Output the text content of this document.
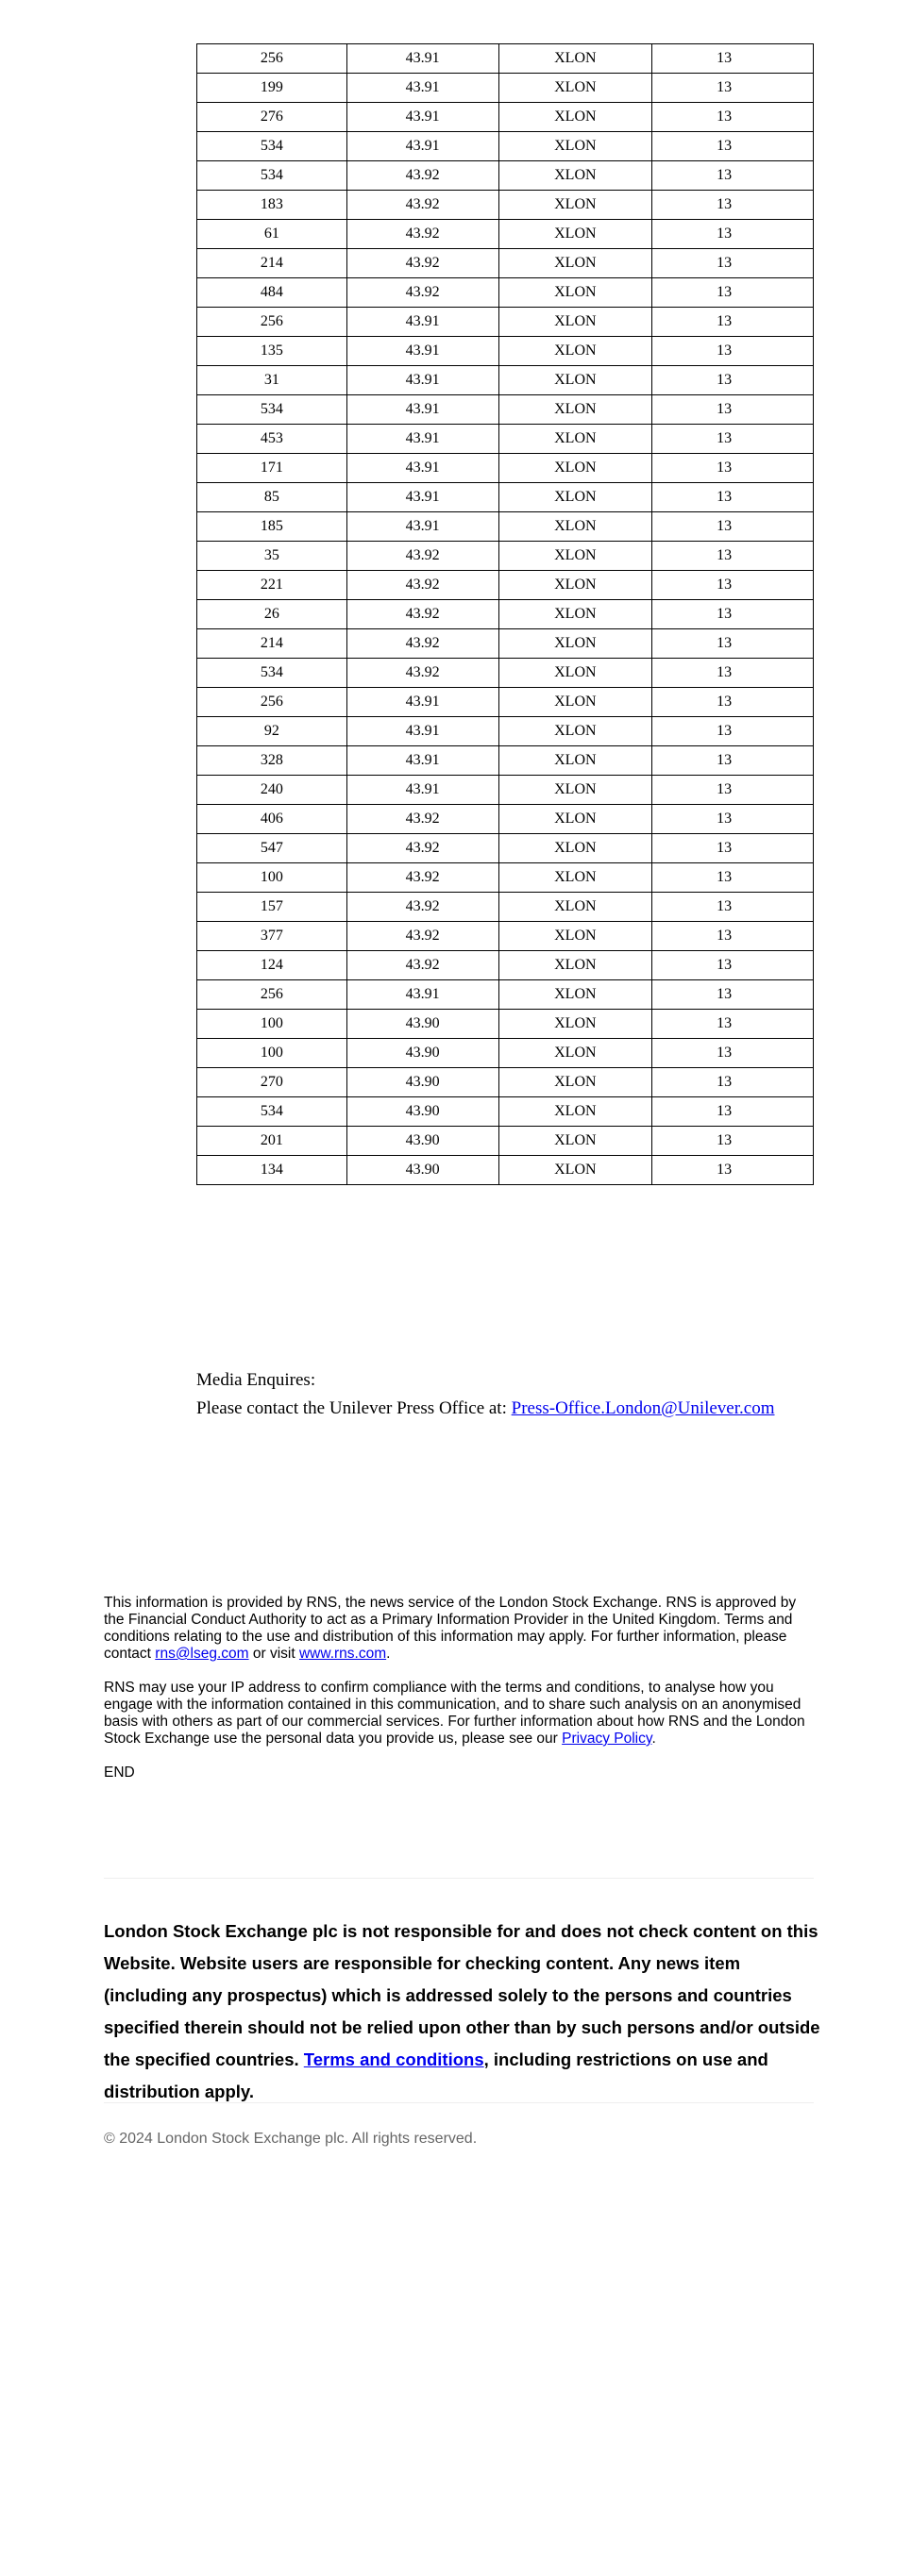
256	43.91	XLON	13
199	43.91	XLON	13
276	43.91	XLON	13
534	43.91	XLON	13
534	43.92	XLON	13
183	43.92	XLON	13
61	43.92	XLON	13
214	43.92	XLON	13
484	43.92	XLON	13
256	43.91	XLON	13
135	43.91	XLON	13
31	43.91	XLON	13
534	43.91	XLON	13
453	43.91	XLON	13
171	43.91	XLON	13
85	43.91	XLON	13
185	43.91	XLON	13
35	43.92	XLON	13
221	43.92	XLON	13
26	43.92	XLON	13
214	43.92	XLON	13
534	43.92	XLON	13
256	43.91	XLON	13
92	43.91	XLON	13
328	43.91	XLON	13
240	43.91	XLON	13
406	43.92	XLON	13
547	43.92	XLON	13
100	43.92	XLON	13
157	43.92	XLON	13
377	43.92	XLON	13
124	43.92	XLON	13
256	43.91	XLON	13
100	43.90	XLON	13
100	43.90	XLON	13
270	43.90	XLON	13
534	43.90	XLON	13
201	43.90	XLON	13
134	43.90	XLON	13
Media Enquires:
Please contact the Unilever Press Office at: Press-Office.London@Unilever.com

This information is provided by RNS, the news service of the London Stock Exchange. RNS is approved by the Financial Conduct Authority to act as a Primary Information Provider in the United Kingdom. Terms and conditions relating to the use and distribution of this information may apply. For further information, please contact rns@lseg.com or visit www.rns.com.

RNS may use your IP address to confirm compliance with the terms and conditions, to analyse how you engage with the information contained in this communication, and to share such analysis on an anonymised basis with others as part of our commercial services. For further information about how RNS and the London Stock Exchange use the personal data you provide us, please see our Privacy Policy.

END

London Stock Exchange plc is not responsible for and does not check content on this Website. Website users are responsible for checking content. Any news item (including any prospectus) which is addressed solely to the persons and countries specified therein should not be relied upon other than by such persons and/or outside the specified countries. Terms and conditions, including restrictions on use and distribution apply.
© 2024 London Stock Exchange plc. All rights reserved.
